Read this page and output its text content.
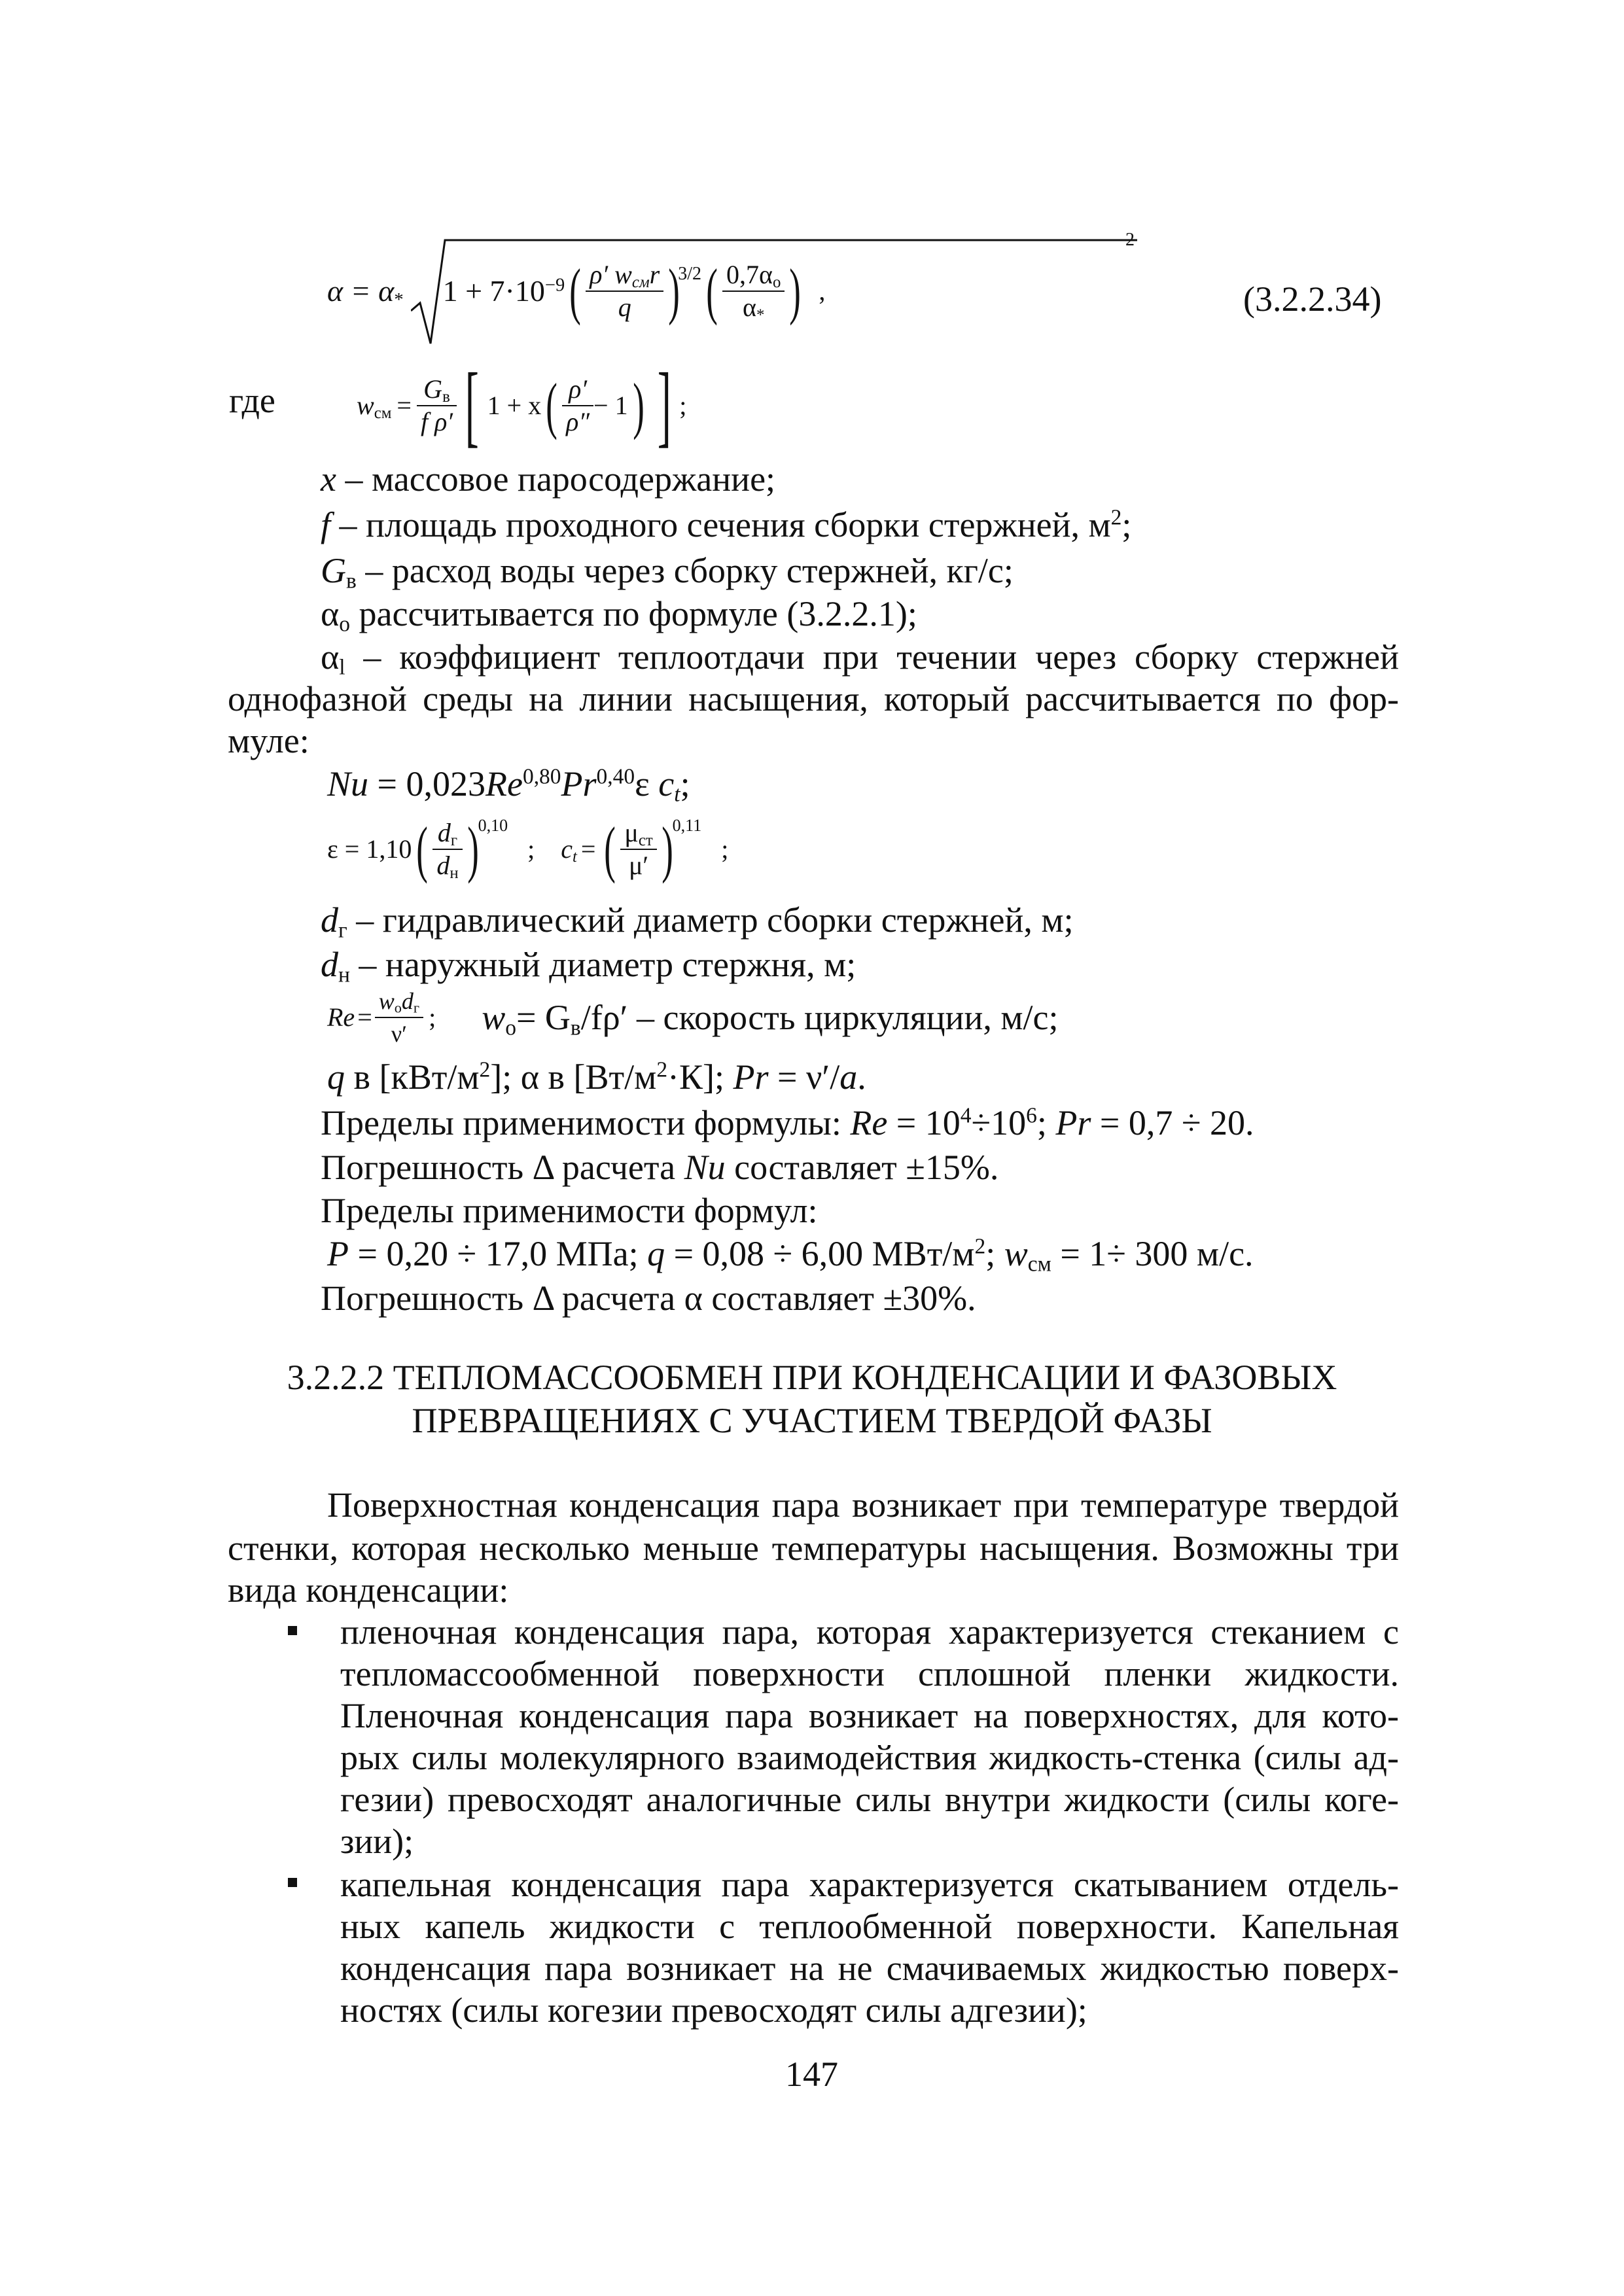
$\alpha = \alpha_*$ $1 + 7\cdot 10^{-9}$ ( $\frac{\rho' w_{см}r}{q}$ )
3/2 ( $\frac{0,7\alpha_о}{\alpha_*}$ ) ,
2
(3.2.2.34)
где	$w_{см} = \frac{G_в}{\text{f ρ′}}$ [ 1 + x ( $\frac{\rho'}{\rho''} - 1$ ) ] ;
x – массовое паросодержание;
f – площадь проходного сечения сборки стержней, $м^2$;
$G_в$ – расход воды через сборку стержней, кг/с;
$\alpha_о$ рассчитывается по формуле (3.2.2.1);
$\alpha_l$ – коэффициент теплоотдачи при течении через сборку стержней
однофазной среды на линии насыщения, который рассчитывается по фор-
муле:
Nu = 0,023Re$^{0,80}$Pr$^{0,40}$ε $c_t$;
ε = 1,10 ( $\frac{d_г}{d_н}$ ) 0,10
; $c_t$ = ( $\frac{\mu_{ст}}{\mu'}$ ) 0,11
;
$d_г$ – гидравлический диаметр сборки стержней, м;
$d_н$ – наружный диаметр стержня, м;
$Re = \frac{w_оd_г}{\nu'}$ ; $w_о= G_в/f\rho'$ – скорость циркуляции, м/с;
q в $[кВт/м^2]$; α в $[Вт/м^2\cdot К]$; Pr = ν′/a.
Пределы применимости формулы: $Re = 10^4\div 10^6$; Pr = 0,7 ÷ 20.
Погрешность Δ расчета Nu составляет ±15%.
Пределы применимости формул:
P = 0,20 ÷ 17,0 МПа; q = 0,08 ÷ 6,00 МВт/$м^2$; $w_{см} = 1\div 300$ м/с.
Погрешность Δ расчета α составляет ±30%.
3.2.2.2 ТЕПЛОМАССООБМЕН ПРИ КОНДЕНСАЦИИ И ФАЗОВЫХ
ПРЕВРАЩЕНИЯХ С УЧАСТИЕМ ТВЕРДОЙ ФАЗЫ
Поверхностная конденсация пара возникает при температуре твердой
стенки, которая несколько меньше температуры насыщения. Возможны три
вида конденсации:
пленочная конденсация пара, которая характеризуется стеканием с
тепломассообменной поверхности сплошной пленки жидкости.
Пленочная конденсация пара возникает на поверхностях, для кото-
рых силы молекулярного взаимодействия жидкость-стенка (силы ад-
гезии) превосходят аналогичные силы внутри жидкости (силы коге-
зии);
капельная конденсация пара характеризуется скатыванием отдель-
ных капель жидкости с теплообменной поверхности. Капельная
конденсация пара возникает на не смачиваемых жидкостью поверх-
ностях (силы когезии превосходят силы адгезии);
147
